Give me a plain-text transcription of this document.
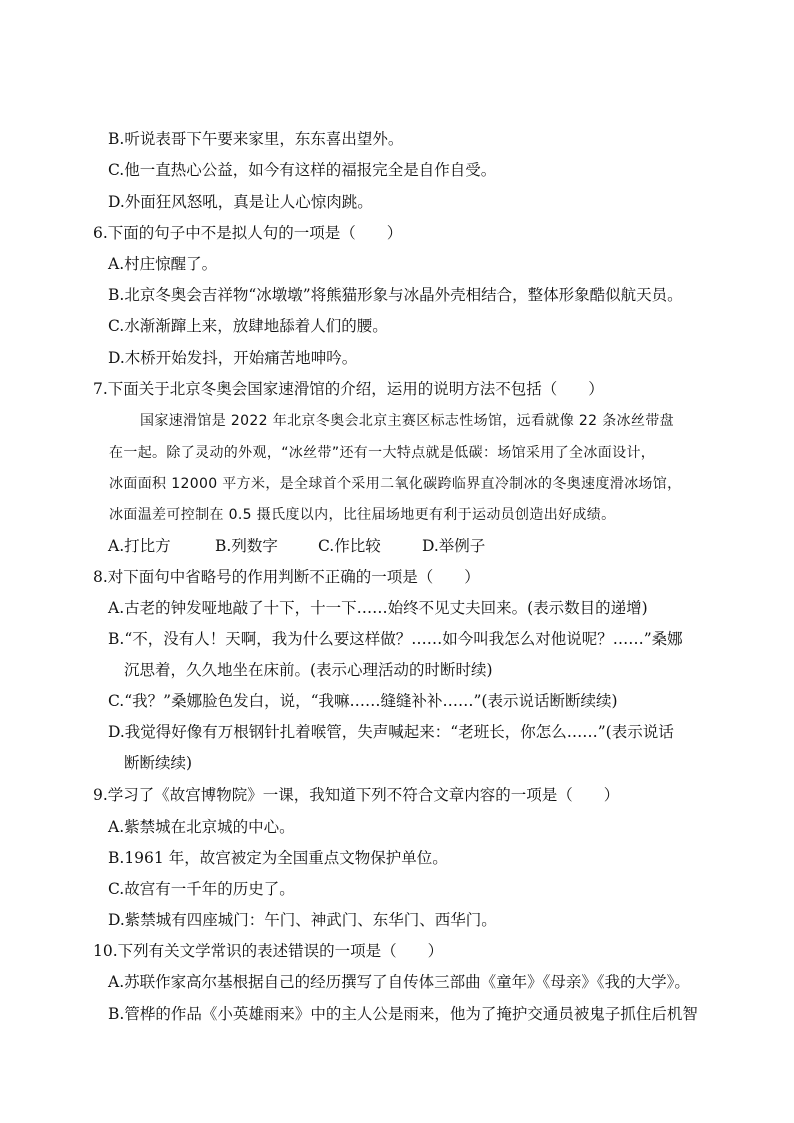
B.听说表哥下午要来家里，东东喜出望外。
C.他一直热心公益，如今有这样的福报完全是自作自受。
D.外面狂风怒吼，真是让人心惊肉跳。
6.下面的句子中不是拟人句的一项是（　　）
A.村庄惊醒了。
B.北京冬奥会吉祥物“冰墩墩”将熊猫形象与冰晶外壳相结合，整体形象酷似航天员。
C.水渐渐蹿上来，放肆地舔着人们的腰。
D.木桥开始发抖，开始痛苦地呻吟。
7.下面关于北京冬奥会国家速滑馆的介绍，运用的说明方法不包括（　　）
国家速滑馆是 2022 年北京冬奥会北京主赛区标志性场馆，远看就像 22 条冰丝带盘
在一起。除了灵动的外观，“冰丝带”还有一大特点就是低碳：场馆采用了全冰面设计，
冰面面积 12000 平方米，是全球首个采用二氧化碳跨临界直冷制冰的冬奥速度滑冰场馆，
冰面温差可控制在 0.5 摄氏度以内，比往届场地更有利于运动员创造出好成绩。
A.打比方	B.列数字	C.作比较	D.举例子
8.对下面句中省略号的作用判断不正确的一项是（　　）
A.古老的钟发哑地敲了十下，十一下……始终不见丈夫回来。(表示数目的递增)
B.“不，没有人！天啊，我为什么要这样做？……如今叫我怎么对他说呢？……”桑娜
沉思着，久久地坐在床前。(表示心理活动的时断时续)
C.“我？”桑娜脸色发白，说，“我嘛……缝缝补补……”(表示说话断断续续)
D.我觉得好像有万根钢针扎着喉管，失声喊起来：“老班长，你怎么……”(表示说话
断断续续)
9.学习了《故宫博物院》一课，我知道下列不符合文章内容的一项是（　　）
A.紫禁城在北京城的中心。
B.1961 年，故宫被定为全国重点文物保护单位。
C.故宫有一千年的历史了。
D.紫禁城有四座城门：午门、神武门、东华门、西华门。
10.下列有关文学常识的表述错误的一项是（　　）
A.苏联作家高尔基根据自己的经历撰写了自传体三部曲《童年》《母亲》《我的大学》。
B.管桦的作品《小英雄雨来》中的主人公是雨来，他为了掩护交通员被鬼子抓住后机智
